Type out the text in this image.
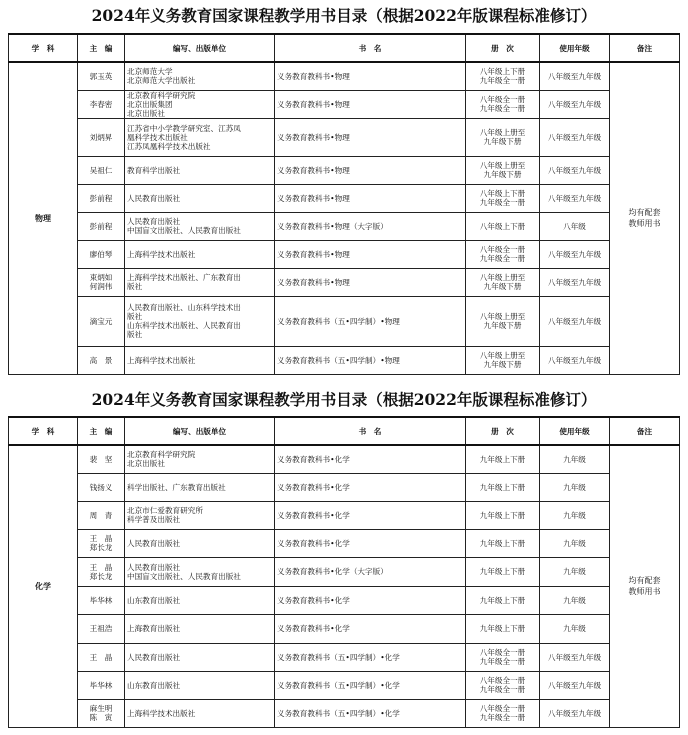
2024年义务教育国家课程教学用书目录（根据2022年版课程标准修订）
学　科	主　编	编写、出版单位	书　名	册　次	使用年级	备注
物理	郭玉英	北京师范大学
北京师范大学出版社	义务教育教科书•物理	八年级上下册
九年级全一册	八年级至九年级	均有配套
教师用书

	李春密	北京教育科学研究院
北京出版集团
北京出版社	义务教育教科书•物理	八年级全一册
九年级全一册	八年级至九年级	

	刘炳昇	江苏省中小学教学研究室、江苏凤
凰科学技术出版社
江苏凤凰科学技术出版社	义务教育教科书•物理	八年级上册至
九年级下册	八年级至九年级	

	吴祖仁	教育科学出版社	义务教育教科书•物理	八年级上册至
九年级下册	八年级至九年级	

	彭前程	人民教育出版社	义务教育教科书•物理	八年级上下册
九年级全一册	八年级至九年级	

	彭前程	人民教育出版社
中国盲文出版社、人民教育出版社	义务教育教科书•物理（大字版）	八年级上下册	八年级	

	廖伯琴	上海科学技术出版社	义务教育教科书•物理	八年级全一册
九年级全一册	八年级至九年级	

	束炳如
何润伟	上海科学技术出版社、广东教育出
版社	义务教育教科书•物理	八年级上册至
九年级下册	八年级至九年级	

	滴宝元	人民教育出版社、山东科学技术出
版社
山东科学技术出版社、人民教育出
版社	义务教育教科书（五•四学制）•物理	八年级上册至
九年级下册	八年级至九年级	

	高　景	上海科学技术出版社	义务教育教科书（五•四学制）•物理	八年级上册至
九年级下册	八年级至九年级	
2024年义务教育国家课程教学用书目录（根据2022年版课程标准修订）
学　科	主　编	编写、出版单位	书　名	册　次	使用年级	备注
化学	裴　坚	北京教育科学研究院
北京出版社	义务教育教科书•化学	九年级上下册	九年级	均有配套
教师用书

	钱扬义	科学出版社、广东教育出版社	义务教育教科书•化学	九年级上下册	九年级	

	周　青	北京市仁爱教育研究所
科学普及出版社	义务教育教科书•化学	九年级上下册	九年级	

	王　晶
郑长龙	人民教育出版社	义务教育教科书•化学	九年级上下册	九年级	

	王　晶
郑长龙	人民教育出版社
中国盲文出版社、人民教育出版社	义务教育教科书•化学（大字版）	九年级上下册	九年级	

	毕华林	山东教育出版社	义务教育教科书•化学	九年级上下册	九年级	

	王祖浩	上海教育出版社	义务教育教科书•化学	九年级上下册	九年级	

	王　晶	人民教育出版社	义务教育教科书（五•四学制）•化学	八年级全一册
九年级全一册	八年级至九年级	

	毕华林	山东教育出版社	义务教育教科书（五•四学制）•化学	八年级全一册
九年级全一册	八年级至九年级	

	麻生明
陈　寅	上海科学技术出版社	义务教育教科书（五•四学制）•化学	八年级全一册
九年级全一册	八年级至九年级	
